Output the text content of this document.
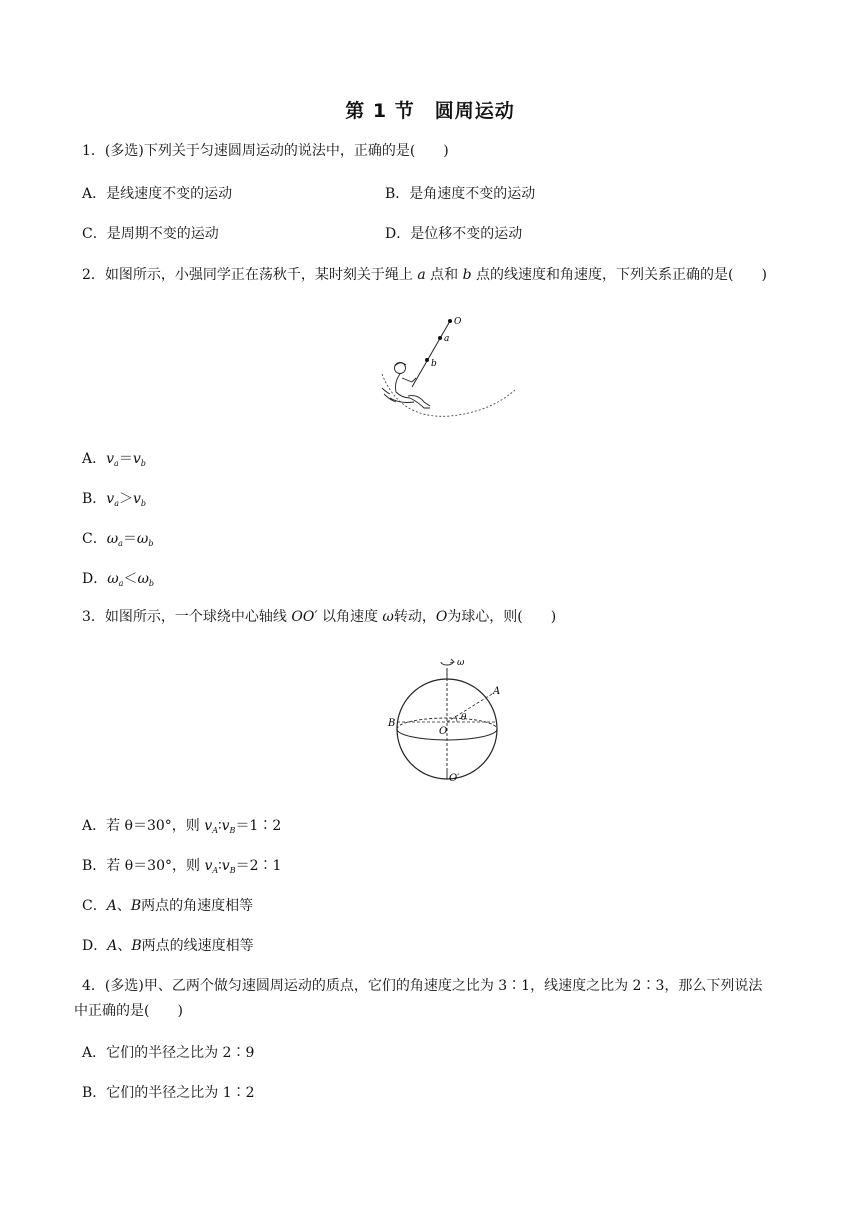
第 1 节　圆周运动
1．(多选)下列关于匀速圆周运动的说法中，正确的是(　　)
A．是线速度不变的运动	B．是角速度不变的运动
C．是周期不变的运动	D．是位移不变的运动
2．如图所示，小强同学正在荡秋千，某时刻关于绳上 a 点和 b 点的线速度和角速度，下列关系正确的是(　　)
O
a
b
A．$v_a=v_b$
B．$v_a>v_b$
C．$\omega_a=\omega_b$
D．$\omega_a<\omega_b$
3．如图所示，一个球绕中心轴线 OO′ 以角速度 ω转动，O为球心，则(　　)
ω
A
B	θ
O
O′
A．若 θ＝30°，则 $v_A∶v_B=1∶2$
B．若 θ＝30°，则 $v_A∶v_B=2∶1$
C．A、B两点的角速度相等
D．A、B两点的线速度相等
4．(多选)甲、乙两个做匀速圆周运动的质点，它们的角速度之比为 3∶1，线速度之比为 2∶3，那么下列说法
中正确的是(　　)
A．它们的半径之比为 2∶9
B．它们的半径之比为 1∶2
